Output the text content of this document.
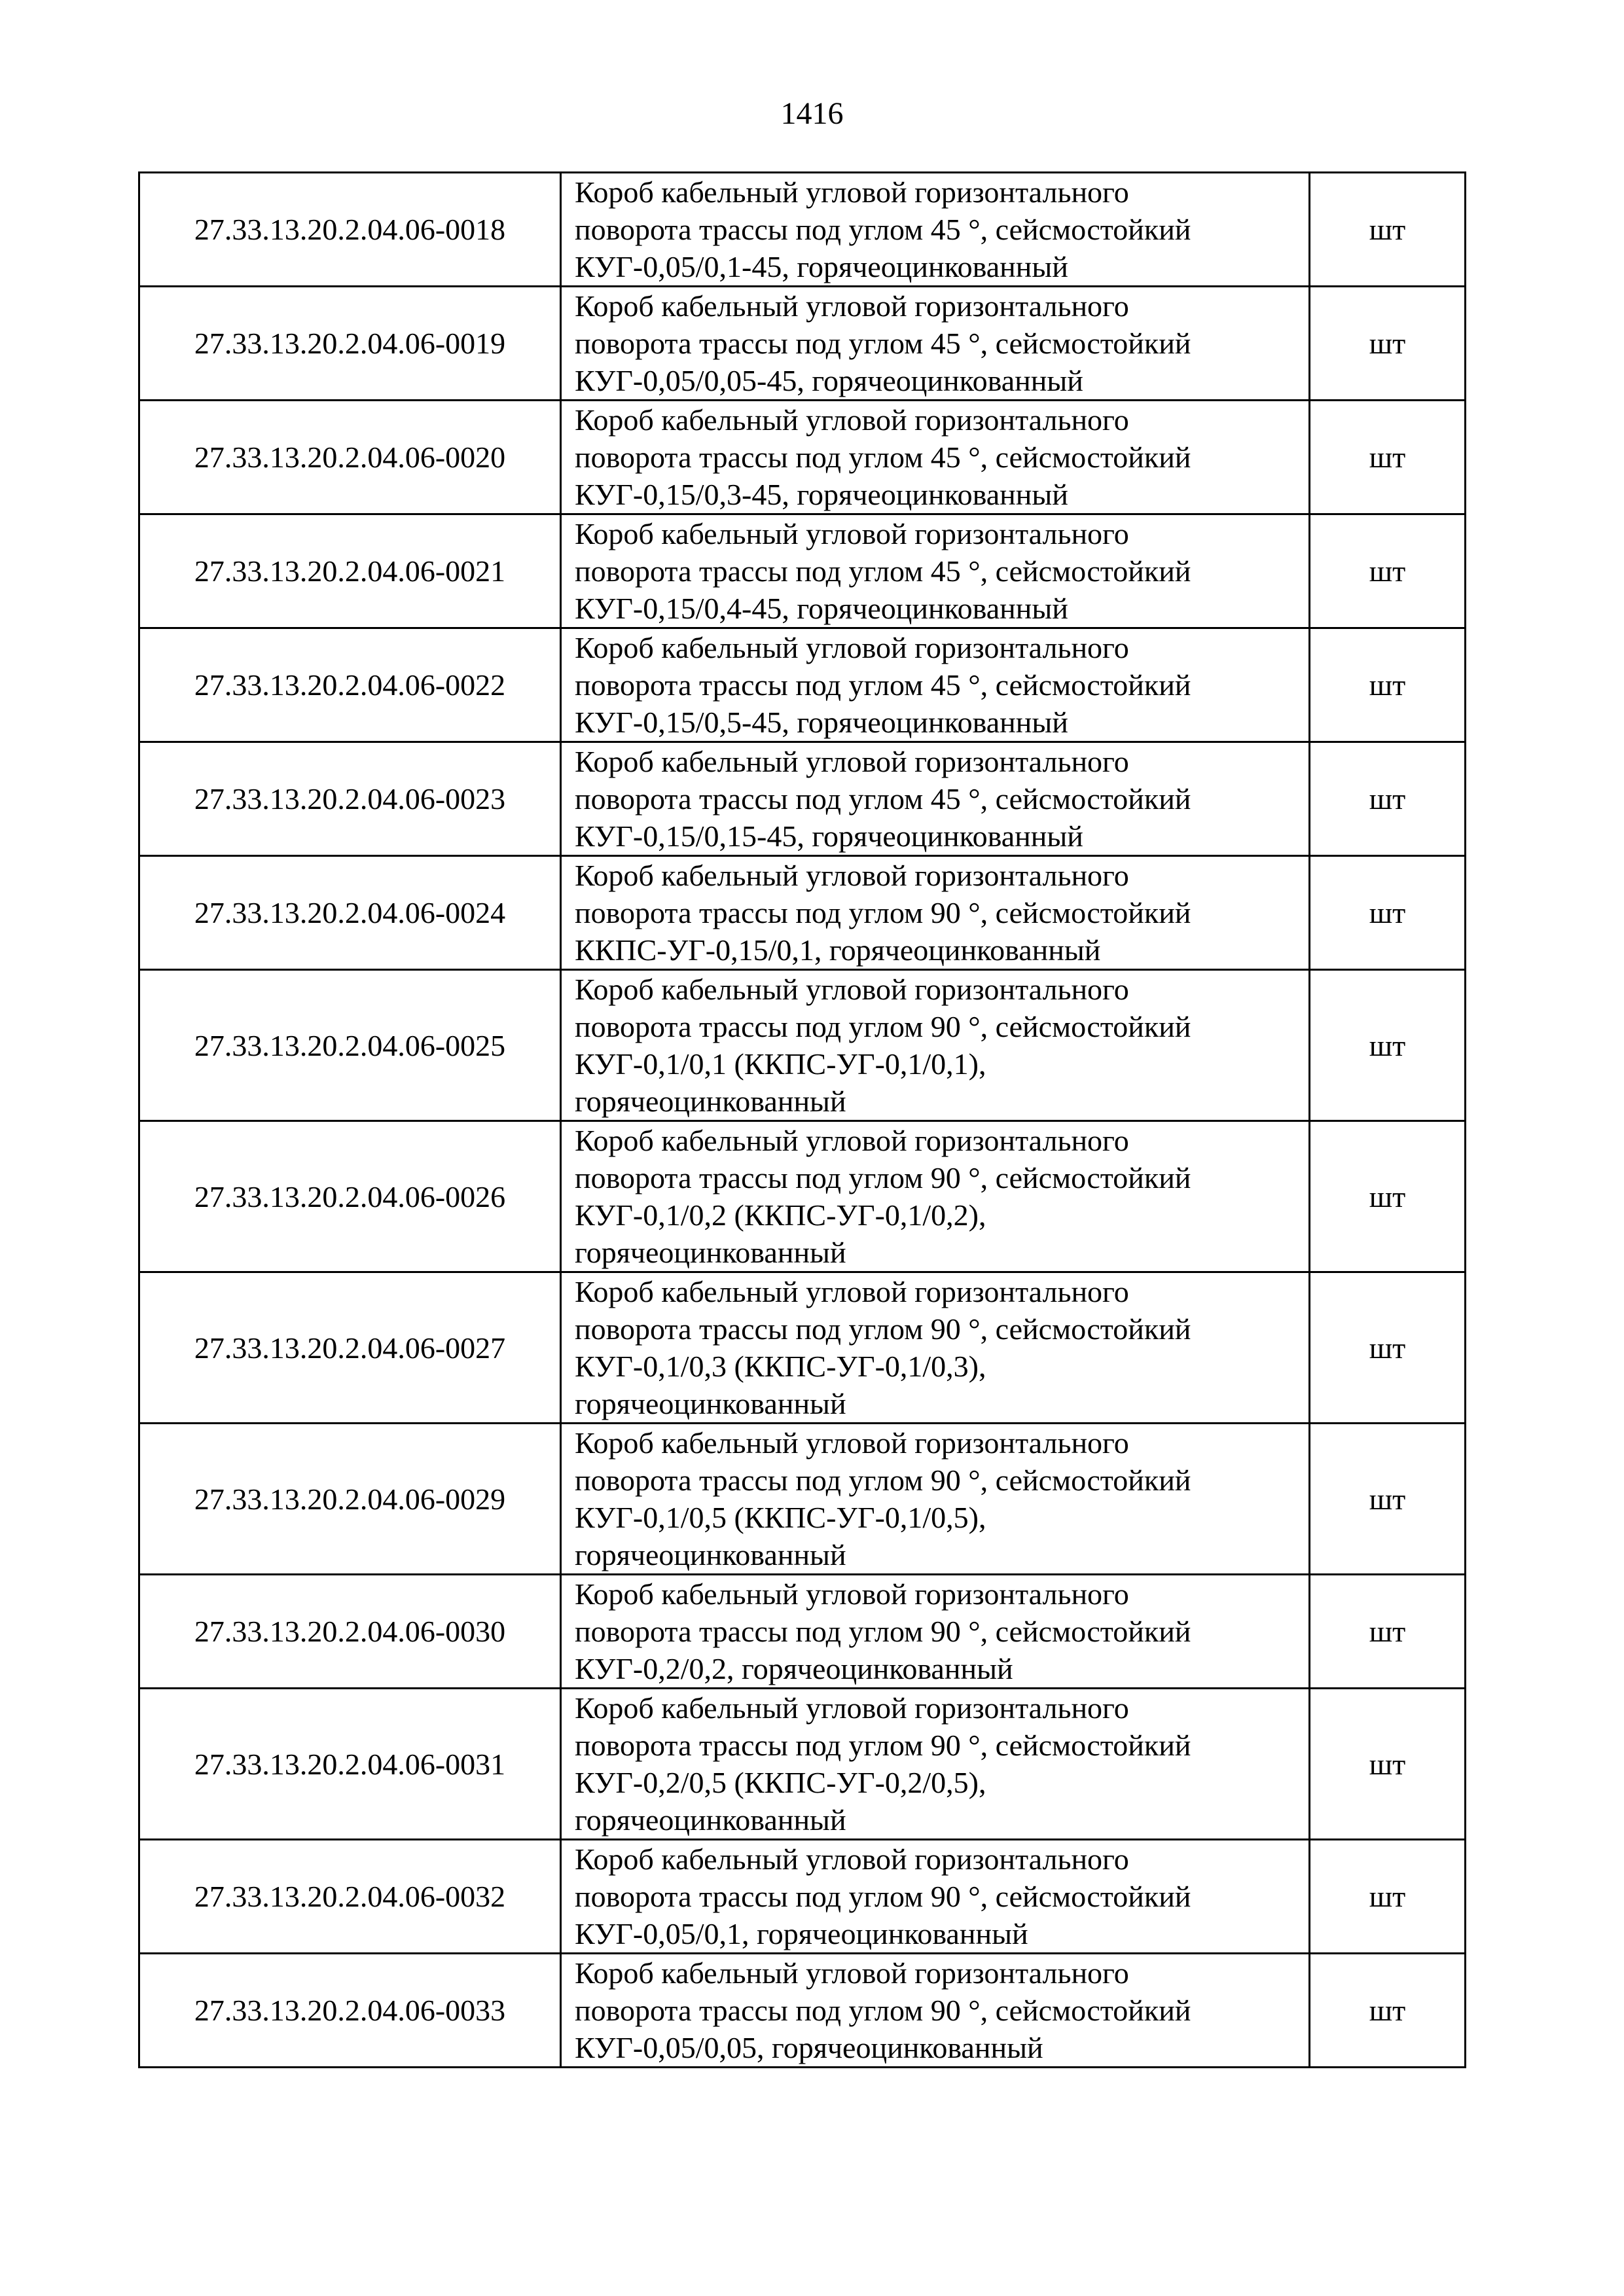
1416
27.33.13.20.2.04.06-0018	Короб кабельный угловой горизонтального
поворота трассы под углом 45 °, сейсмостойкий
КУГ-0,05/0,1-45, горячеоцинкованный	шт
27.33.13.20.2.04.06-0019	Короб кабельный угловой горизонтального
поворота трассы под углом 45 °, сейсмостойкий
КУГ-0,05/0,05-45, горячеоцинкованный	шт
27.33.13.20.2.04.06-0020	Короб кабельный угловой горизонтального
поворота трассы под углом 45 °, сейсмостойкий
КУГ-0,15/0,3-45, горячеоцинкованный	шт
27.33.13.20.2.04.06-0021	Короб кабельный угловой горизонтального
поворота трассы под углом 45 °, сейсмостойкий
КУГ-0,15/0,4-45, горячеоцинкованный	шт
27.33.13.20.2.04.06-0022	Короб кабельный угловой горизонтального
поворота трассы под углом 45 °, сейсмостойкий
КУГ-0,15/0,5-45, горячеоцинкованный	шт
27.33.13.20.2.04.06-0023	Короб кабельный угловой горизонтального
поворота трассы под углом 45 °, сейсмостойкий
КУГ-0,15/0,15-45, горячеоцинкованный	шт
27.33.13.20.2.04.06-0024	Короб кабельный угловой горизонтального
поворота трассы под углом 90 °, сейсмостойкий
ККПС-УГ-0,15/0,1, горячеоцинкованный	шт
27.33.13.20.2.04.06-0025	Короб кабельный угловой горизонтального
поворота трассы под углом 90 °, сейсмостойкий
КУГ-0,1/0,1 (ККПС-УГ-0,1/0,1),
горячеоцинкованный	шт
27.33.13.20.2.04.06-0026	Короб кабельный угловой горизонтального
поворота трассы под углом 90 °, сейсмостойкий
КУГ-0,1/0,2 (ККПС-УГ-0,1/0,2),
горячеоцинкованный	шт
27.33.13.20.2.04.06-0027	Короб кабельный угловой горизонтального
поворота трассы под углом 90 °, сейсмостойкий
КУГ-0,1/0,3 (ККПС-УГ-0,1/0,3),
горячеоцинкованный	шт
27.33.13.20.2.04.06-0029	Короб кабельный угловой горизонтального
поворота трассы под углом 90 °, сейсмостойкий
КУГ-0,1/0,5 (ККПС-УГ-0,1/0,5),
горячеоцинкованный	шт
27.33.13.20.2.04.06-0030	Короб кабельный угловой горизонтального
поворота трассы под углом 90 °, сейсмостойкий
КУГ-0,2/0,2, горячеоцинкованный	шт
27.33.13.20.2.04.06-0031	Короб кабельный угловой горизонтального
поворота трассы под углом 90 °, сейсмостойкий
КУГ-0,2/0,5 (ККПС-УГ-0,2/0,5),
горячеоцинкованный	шт
27.33.13.20.2.04.06-0032	Короб кабельный угловой горизонтального
поворота трассы под углом 90 °, сейсмостойкий
КУГ-0,05/0,1, горячеоцинкованный	шт
27.33.13.20.2.04.06-0033	Короб кабельный угловой горизонтального
поворота трассы под углом 90 °, сейсмостойкий
КУГ-0,05/0,05, горячеоцинкованный	шт
